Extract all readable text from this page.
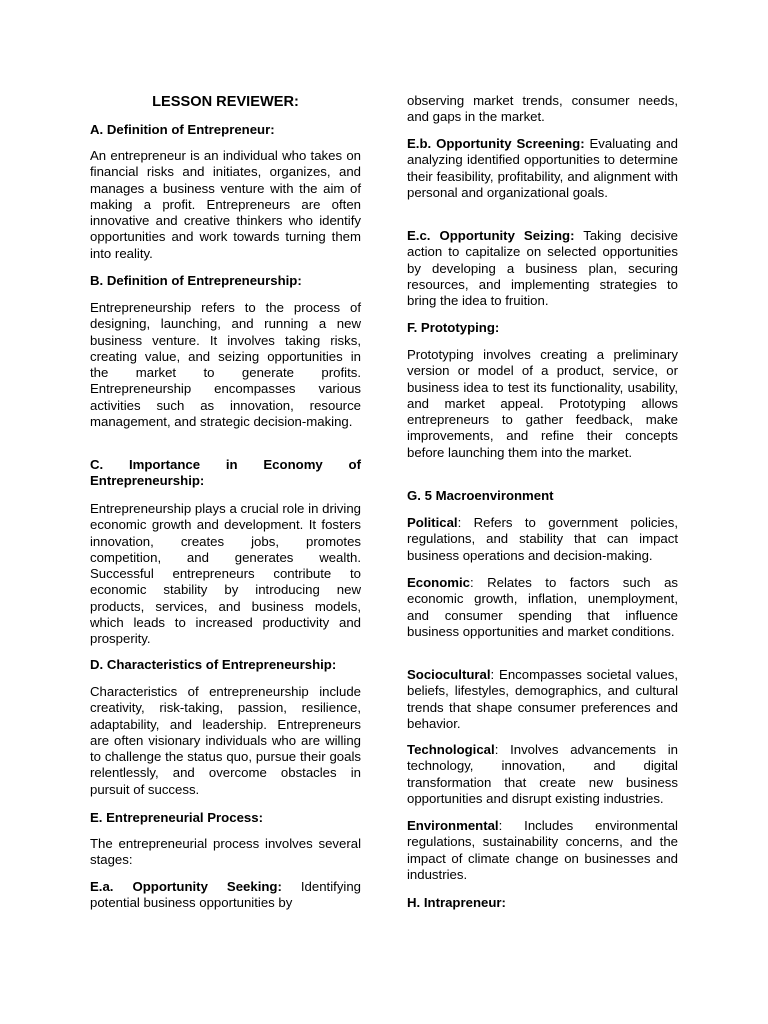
LESSON REVIEWER:

A. Definition of Entrepreneur:

An entrepreneur is an individual who takes on financial risks and initiates, organizes, and manages a business venture with the aim of making a profit. Entrepreneurs are often innovative and creative thinkers who identify opportunities and work towards turning them into reality.

B. Definition of Entrepreneurship:

Entrepreneurship refers to the process of designing, launching, and running a new business venture. It involves taking risks, creating value, and seizing opportunities in the market to generate profits. Entrepreneurship encompasses various activities such as innovation, resource management, and strategic decision-making.

C. Importance in Economy of Entrepreneurship:

Entrepreneurship plays a crucial role in driving economic growth and development. It fosters innovation, creates jobs, promotes competition, and generates wealth. Successful entrepreneurs contribute to economic stability by introducing new products, services, and business models, which leads to increased productivity and prosperity.

D. Characteristics of Entrepreneurship:

Characteristics of entrepreneurship include creativity, risk-taking, passion, resilience, adaptability, and leadership. Entrepreneurs are often visionary individuals who are willing to challenge the status quo, pursue their goals relentlessly, and overcome obstacles in pursuit of success.

E. Entrepreneurial Process:

The entrepreneurial process involves several stages:

E.a. Opportunity Seeking: Identifying potential business opportunities by

observing market trends, consumer needs, and gaps in the market.

E.b. Opportunity Screening: Evaluating and analyzing identified opportunities to determine their feasibility, profitability, and alignment with personal and organizational goals.

E.c. Opportunity Seizing: Taking decisive action to capitalize on selected opportunities by developing a business plan, securing resources, and implementing strategies to bring the idea to fruition.

F. Prototyping:

Prototyping involves creating a preliminary version or model of a product, service, or business idea to test its functionality, usability, and market appeal. Prototyping allows entrepreneurs to gather feedback, make improvements, and refine their concepts before launching them into the market.

G. 5 Macroenvironment

Political: Refers to government policies, regulations, and stability that can impact business operations and decision-making.

Economic: Relates to factors such as economic growth, inflation, unemployment, and consumer spending that influence business opportunities and market conditions.

Sociocultural: Encompasses societal values, beliefs, lifestyles, demographics, and cultural trends that shape consumer preferences and behavior.

Technological: Involves advancements in technology, innovation, and digital transformation that create new business opportunities and disrupt existing industries.

Environmental: Includes environmental regulations, sustainability concerns, and the impact of climate change on businesses and industries.

H. Intrapreneur:
